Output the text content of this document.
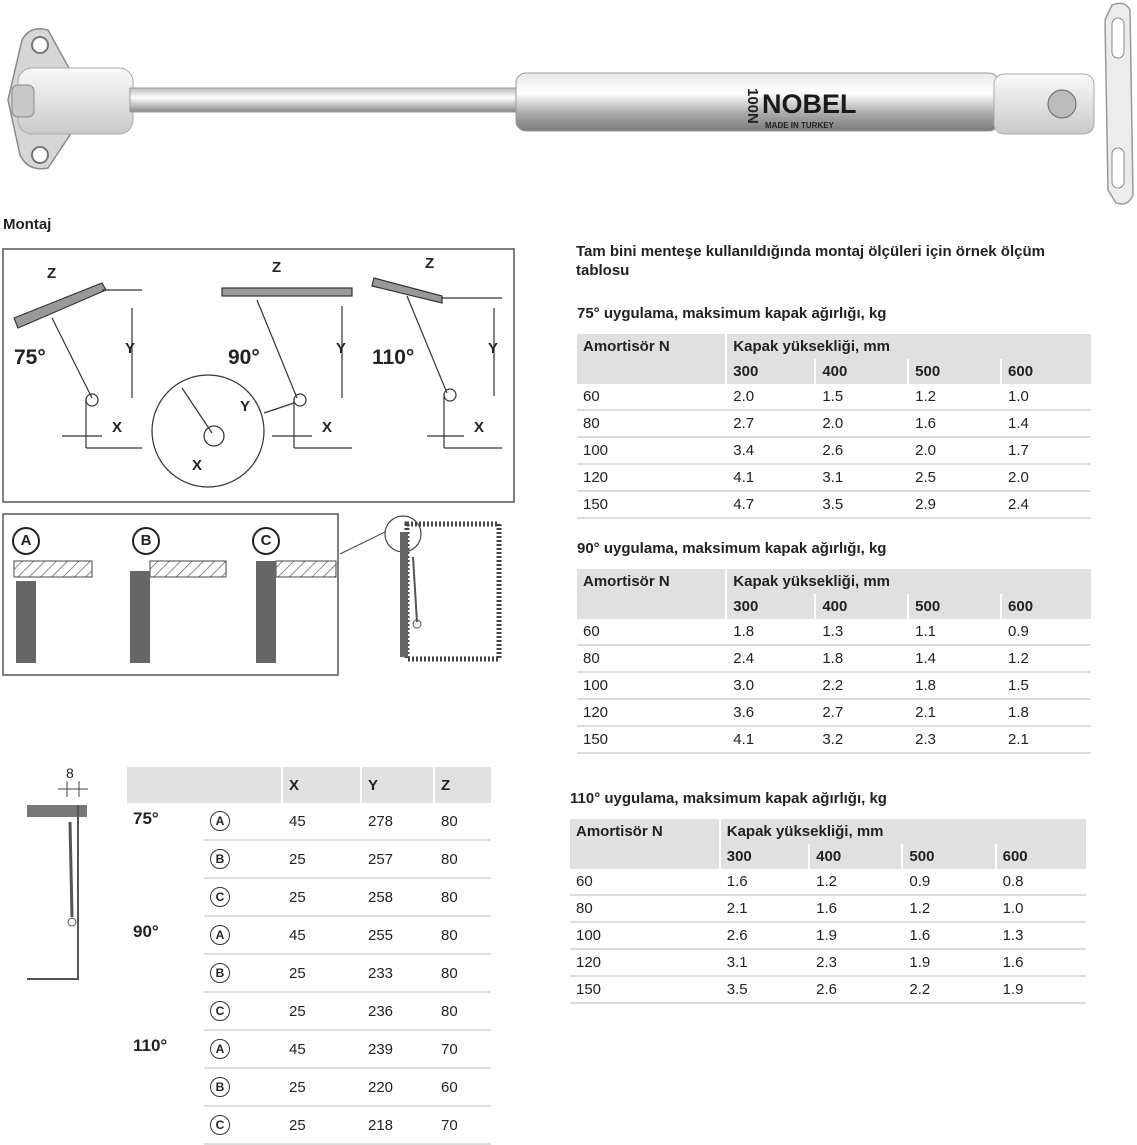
100N NOBEL
MADE IN TURKEY
Montaj
Z	Z	Z
Y	Y	Y
Y
X	X	X
X
75°	90°	110°
A	B	C
8
		X	Y	Z
75°	A	45	278	80
	B	25	257	80
	C	25	258	80
90°	A	45	255	80
	B	25	233	80
	C	25	236	80
110°	A	45	239	70
	B	25	220	60
	C	25	218	70
Tam bini menteşe kullanıldığında montaj ölçüleri için örnek ölçüm tablosu
75° uygulama, maksimum kapak ağırlığı, kg
Amortisör N	Kapak yüksekliği, mm			
	300	400	500	600
60	2.0	1.5	1.2	1.0
80	2.7	2.0	1.6	1.4
100	3.4	2.6	2.0	1.7
120	4.1	3.1	2.5	2.0
150	4.7	3.5	2.9	2.4
90° uygulama, maksimum kapak ağırlığı, kg
Amortisör N	Kapak yüksekliği, mm			
	300	400	500	600
60	1.8	1.3	1.1	0.9
80	2.4	1.8	1.4	1.2
100	3.0	2.2	1.8	1.5
120	3.6	2.7	2.1	1.8
150	4.1	3.2	2.3	2.1
110° uygulama, maksimum kapak ağırlığı, kg
Amortisör N	Kapak yüksekliği, mm			
	300	400	500	600
60	1.6	1.2	0.9	0.8
80	2.1	1.6	1.2	1.0
100	2.6	1.9	1.6	1.3
120	3.1	2.3	1.9	1.6
150	3.5	2.6	2.2	1.9
